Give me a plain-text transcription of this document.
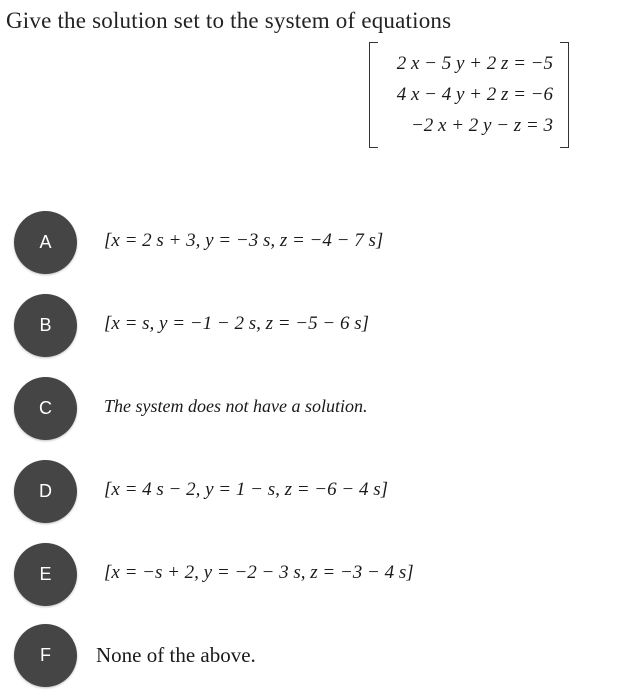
Give the solution set to the system of equations
2 x − 5 y + 2 z = −5
4 x − 4 y + 2 z = −6
−2 x + 2 y − z = 3
A	[x = 2 s + 3, y = −3 s, z = −4 − 7 s]
B	[x = s, y = −1 − 2 s, z = −5 − 6 s]
C	The system does not have a solution.
D	[x = 4 s − 2, y = 1 − s, z = −6 − 4 s]
E	[x = −s + 2, y = −2 − 3 s, z = −3 − 4 s]
F	None of the above.
